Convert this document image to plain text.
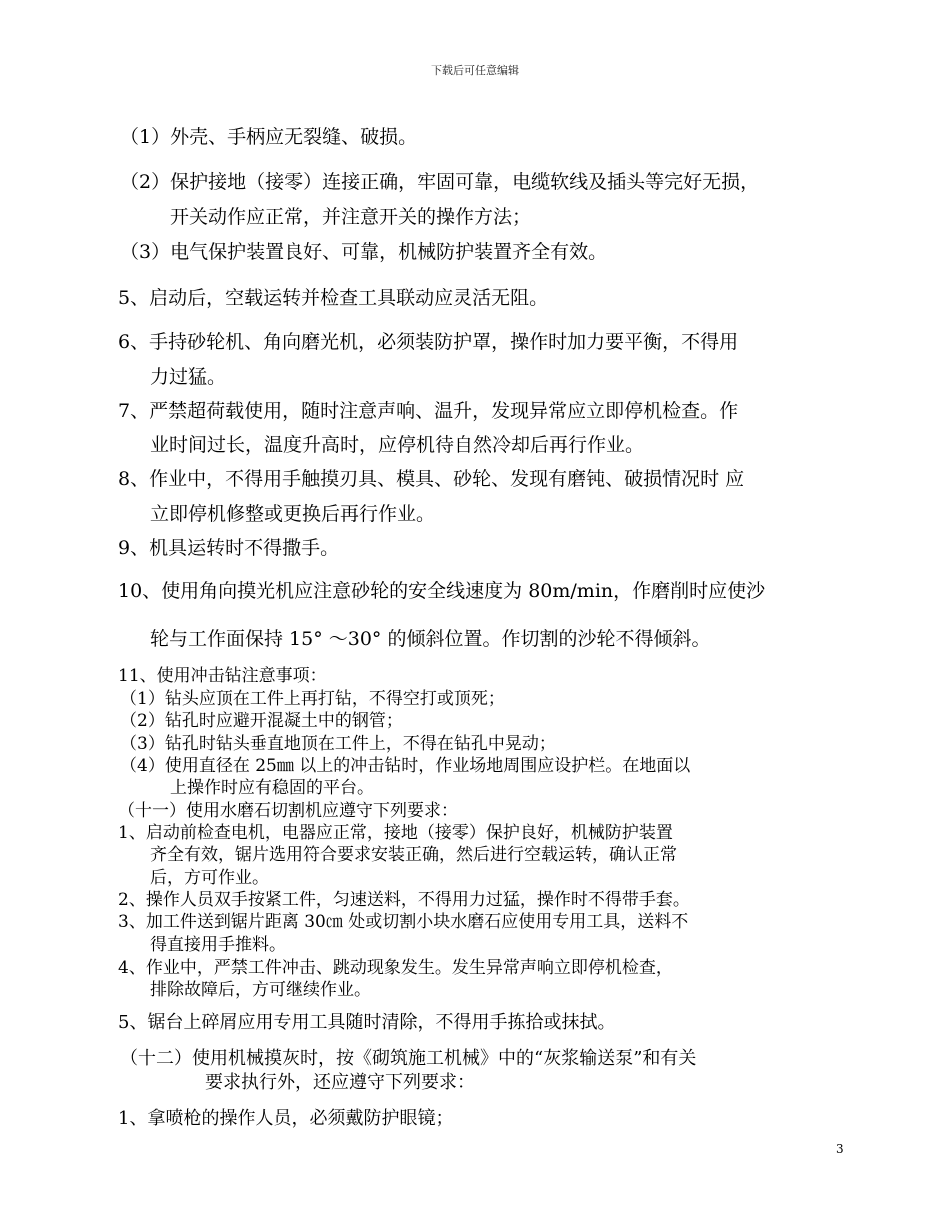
下载后可任意编辑
（1）外壳、手柄应无裂缝、破损。
（2）保护接地（接零）连接正确，牢固可靠，电缆软线及插头等完好无损，
开关动作应正常，并注意开关的操作方法；
（3）电气保护装置良好、可靠，机械防护装置齐全有效。
5、启动后，空载运转并检查工具联动应灵活无阻。
6、手持砂轮机、角向磨光机，必须装防护罩，操作时加力要平衡，不得用
力过猛。
7、严禁超荷载使用，随时注意声响、温升，发现异常应立即停机检查。作
业时间过长，温度升高时，应停机待自然冷却后再行作业。
8、作业中，不得用手触摸刃具、模具、砂轮、发现有磨钝、破损情况时 应
立即停机修整或更换后再行作业。
9、机具运转时不得撒手。
10、使用角向摸光机应注意砂轮的安全线速度为 80m/min，作磨削时应使沙
轮与工作面保持 15° ～30° 的倾斜位置。作切割的沙轮不得倾斜。
11、使用冲击钻注意事项：
（1）钻头应顶在工件上再打钻，不得空打或顶死；
（2）钻孔时应避开混凝土中的钢管；
（3）钻孔时钻头垂直地顶在工件上，不得在钻孔中晃动；
（4）使用直径在 25㎜ 以上的冲击钻时，作业场地周围应设护栏。在地面以
上操作时应有稳固的平台。
（十一）使用水磨石切割机应遵守下列要求：
1、启动前检查电机，电器应正常，接地（接零）保护良好，机械防护装置
齐全有效，锯片选用符合要求安装正确，然后进行空载运转，确认正常
后，方可作业。
2、操作人员双手按紧工件，匀速送料，不得用力过猛，操作时不得带手套。
3、加工件送到锯片距离 30㎝ 处或切割小块水磨石应使用专用工具，送料不
得直接用手推料。
4、作业中，严禁工件冲击、跳动现象发生。发生异常声响立即停机检查，
排除故障后，方可继续作业。
5、锯台上碎屑应用专用工具随时清除，不得用手拣拾或抹拭。
（十二）使用机械摸灰时，按《砌筑施工机械》中的“灰浆输送泵”和有关
要求执行外，还应遵守下列要求：
1、拿喷枪的操作人员，必须戴防护眼镜；
3
